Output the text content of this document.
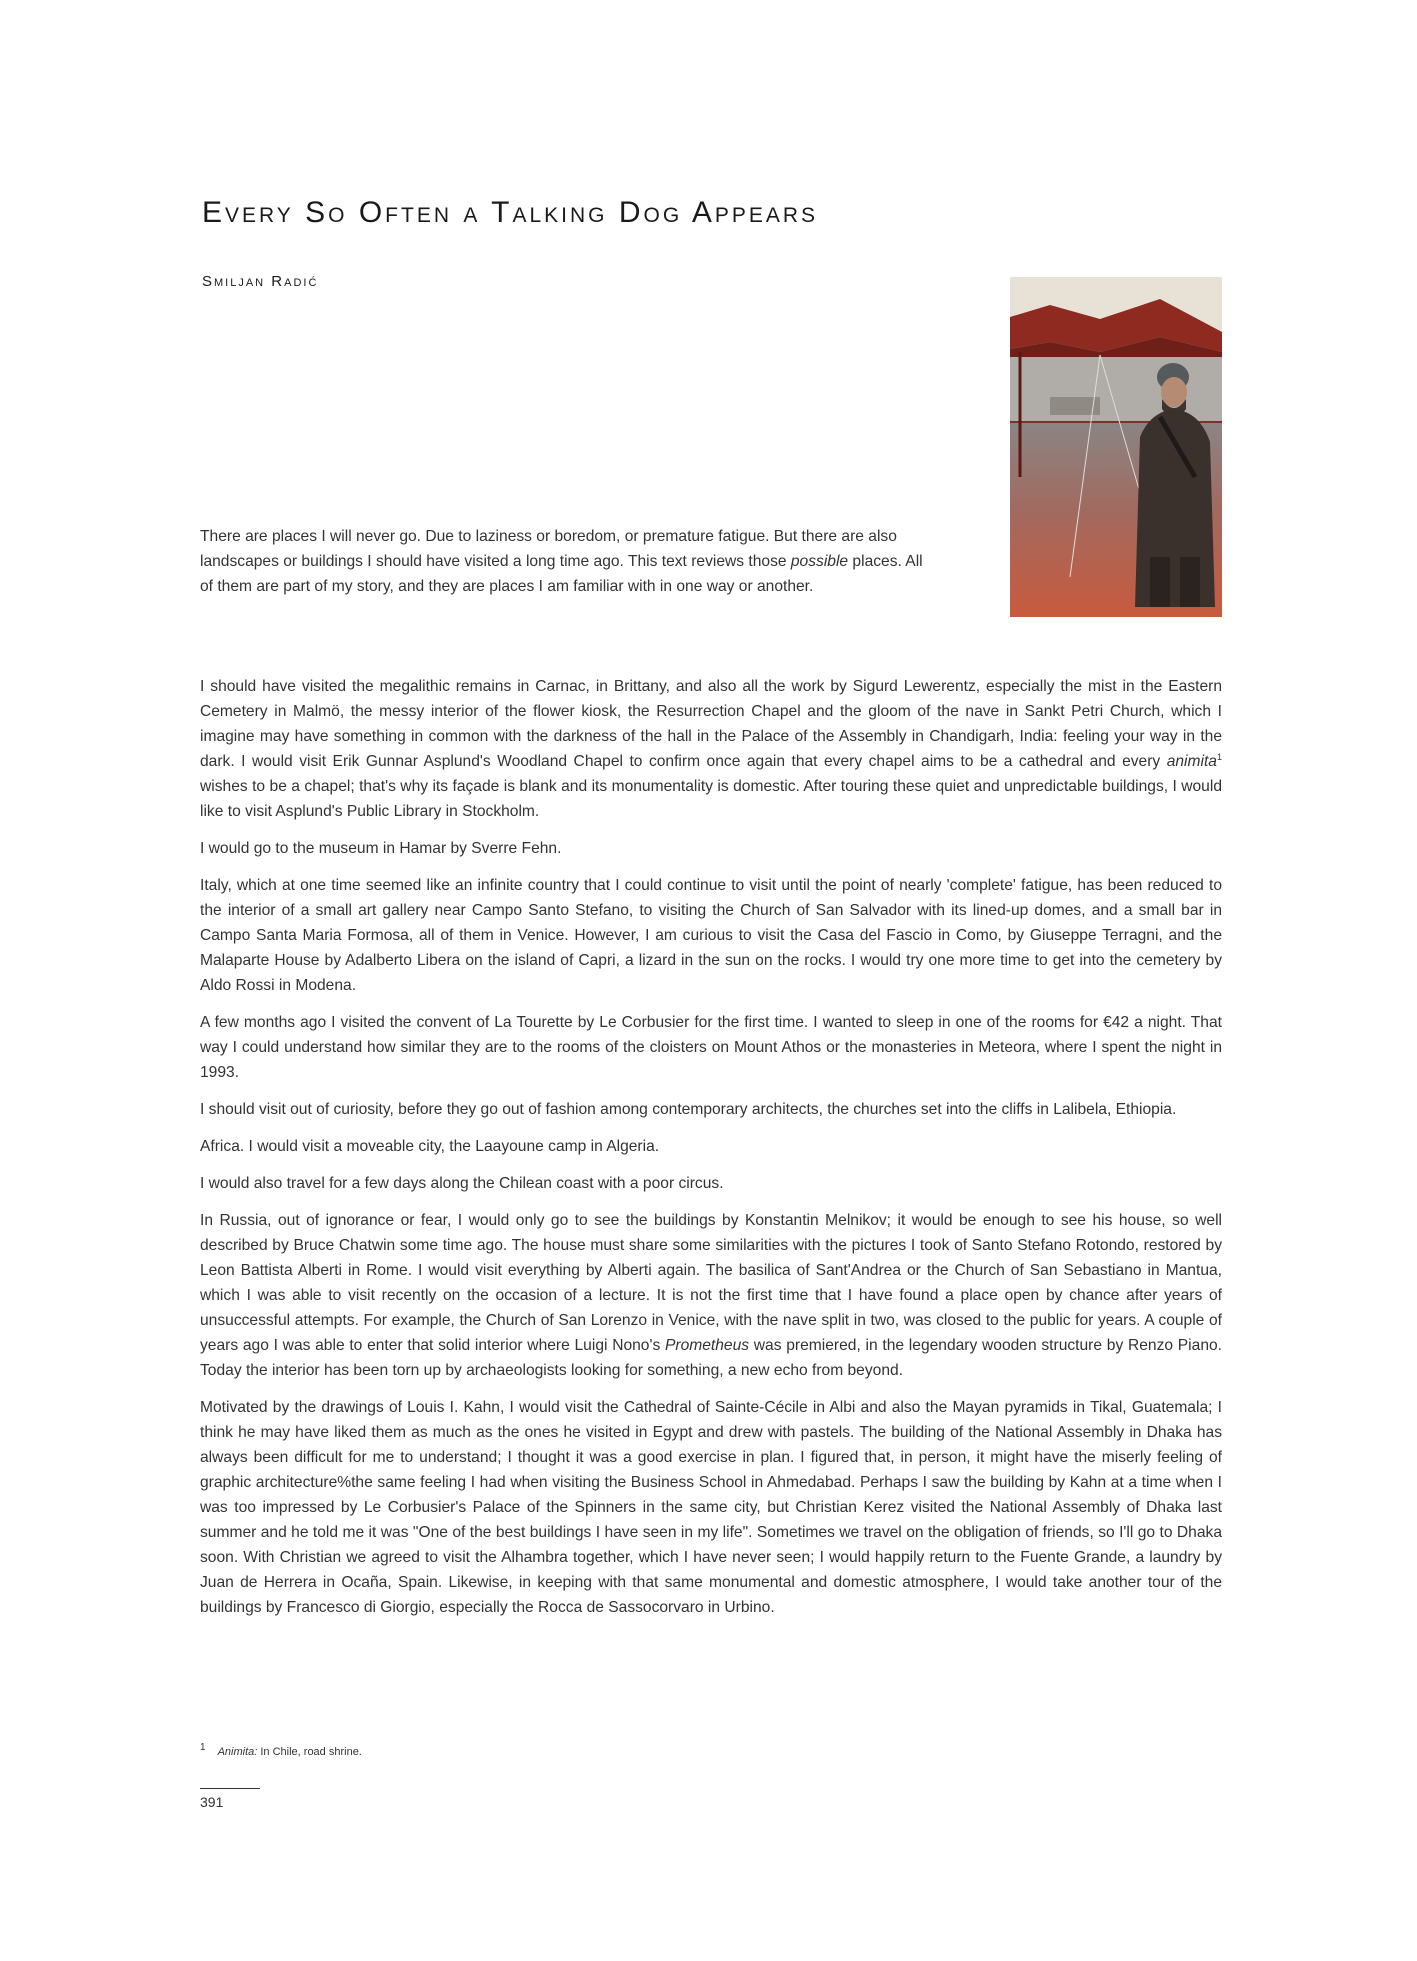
Every So Often a Talking Dog Appears
Smiljan Radić

There are places I will never go. Due to laziness or boredom, or premature fatigue. But there are also landscapes or buildings I should have visited a long time ago. This text reviews those possible places. All of them are part of my story, and they are places I am familiar with in one way or another.

I should have visited the megalithic remains in Carnac, in Brittany, and also all the work by Sigurd Lewerentz, especially the mist in the Eastern Cemetery in Malmö, the messy interior of the flower kiosk, the Resurrection Chapel and the gloom of the nave in Sankt Petri Church, which I imagine may have something in common with the darkness of the hall in the Palace of the Assembly in Chandigarh, India: feeling your way in the dark. I would visit Erik Gunnar Asplund's Woodland Chapel to confirm once again that every chapel aims to be a cathedral and every animita$^1$ wishes to be a chapel; that's why its façade is blank and its monumentality is domestic. After touring these quiet and unpredictable buildings, I would like to visit Asplund's Public Library in Stockholm.

I would go to the museum in Hamar by Sverre Fehn.

Italy, which at one time seemed like an infinite country that I could continue to visit until the point of nearly 'complete' fatigue, has been reduced to the interior of a small art gallery near Campo Santo Stefano, to visiting the Church of San Salvador with its lined-up domes, and a small bar in Campo Santa Maria Formosa, all of them in Venice. However, I am curious to visit the Casa del Fascio in Como, by Giuseppe Terragni, and the Malaparte House by Adalberto Libera on the island of Capri, a lizard in the sun on the rocks. I would try one more time to get into the cemetery by Aldo Rossi in Modena.

A few months ago I visited the convent of La Tourette by Le Corbusier for the first time. I wanted to sleep in one of the rooms for €42 a night. That way I could understand how similar they are to the rooms of the cloisters on Mount Athos or the monasteries in Meteora, where I spent the night in 1993.

I should visit out of curiosity, before they go out of fashion among contemporary architects, the churches set into the cliffs in Lalibela, Ethiopia.

Africa. I would visit a moveable city, the Laayoune camp in Algeria.

I would also travel for a few days along the Chilean coast with a poor circus.

In Russia, out of ignorance or fear, I would only go to see the buildings by Konstantin Melnikov; it would be enough to see his house, so well described by Bruce Chatwin some time ago. The house must share some similarities with the pictures I took of Santo Stefano Rotondo, restored by Leon Battista Alberti in Rome. I would visit everything by Alberti again. The basilica of Sant'Andrea or the Church of San Sebastiano in Mantua, which I was able to visit recently on the occasion of a lecture. It is not the first time that I have found a place open by chance after years of unsuccessful attempts. For example, the Church of San Lorenzo in Venice, with the nave split in two, was closed to the public for years. A couple of years ago I was able to enter that solid interior where Luigi Nono's Prometheus was premiered, in the legendary wooden structure by Renzo Piano. Today the interior has been torn up by archaeologists looking for something, a new echo from beyond.

Motivated by the drawings of Louis I. Kahn, I would visit the Cathedral of Sainte-Cécile in Albi and also the Mayan pyramids in Tikal, Guatemala; I think he may have liked them as much as the ones he visited in Egypt and drew with pastels. The building of the National Assembly in Dhaka has always been difficult for me to understand; I thought it was a good exercise in plan. I figured that, in person, it might have the miserly feeling of graphic architecture%the same feeling I had when visiting the Business School in Ahmedabad. Perhaps I saw the building by Kahn at a time when I was too impressed by Le Corbusier's Palace of the Spinners in the same city, but Christian Kerez visited the National Assembly of Dhaka last summer and he told me it was "One of the best buildings I have seen in my life". Sometimes we travel on the obligation of friends, so I'll go to Dhaka soon. With Christian we agreed to visit the Alhambra together, which I have never seen; I would happily return to the Fuente Grande, a laundry by Juan de Herrera in Ocaña, Spain. Likewise, in keeping with that same monumental and domestic atmosphere, I would take another tour of the buildings by Francesco di Giorgio, especially the Rocca de Sassocorvaro in Urbino.

$^1$ Animita: In Chile, road shrine.
391
